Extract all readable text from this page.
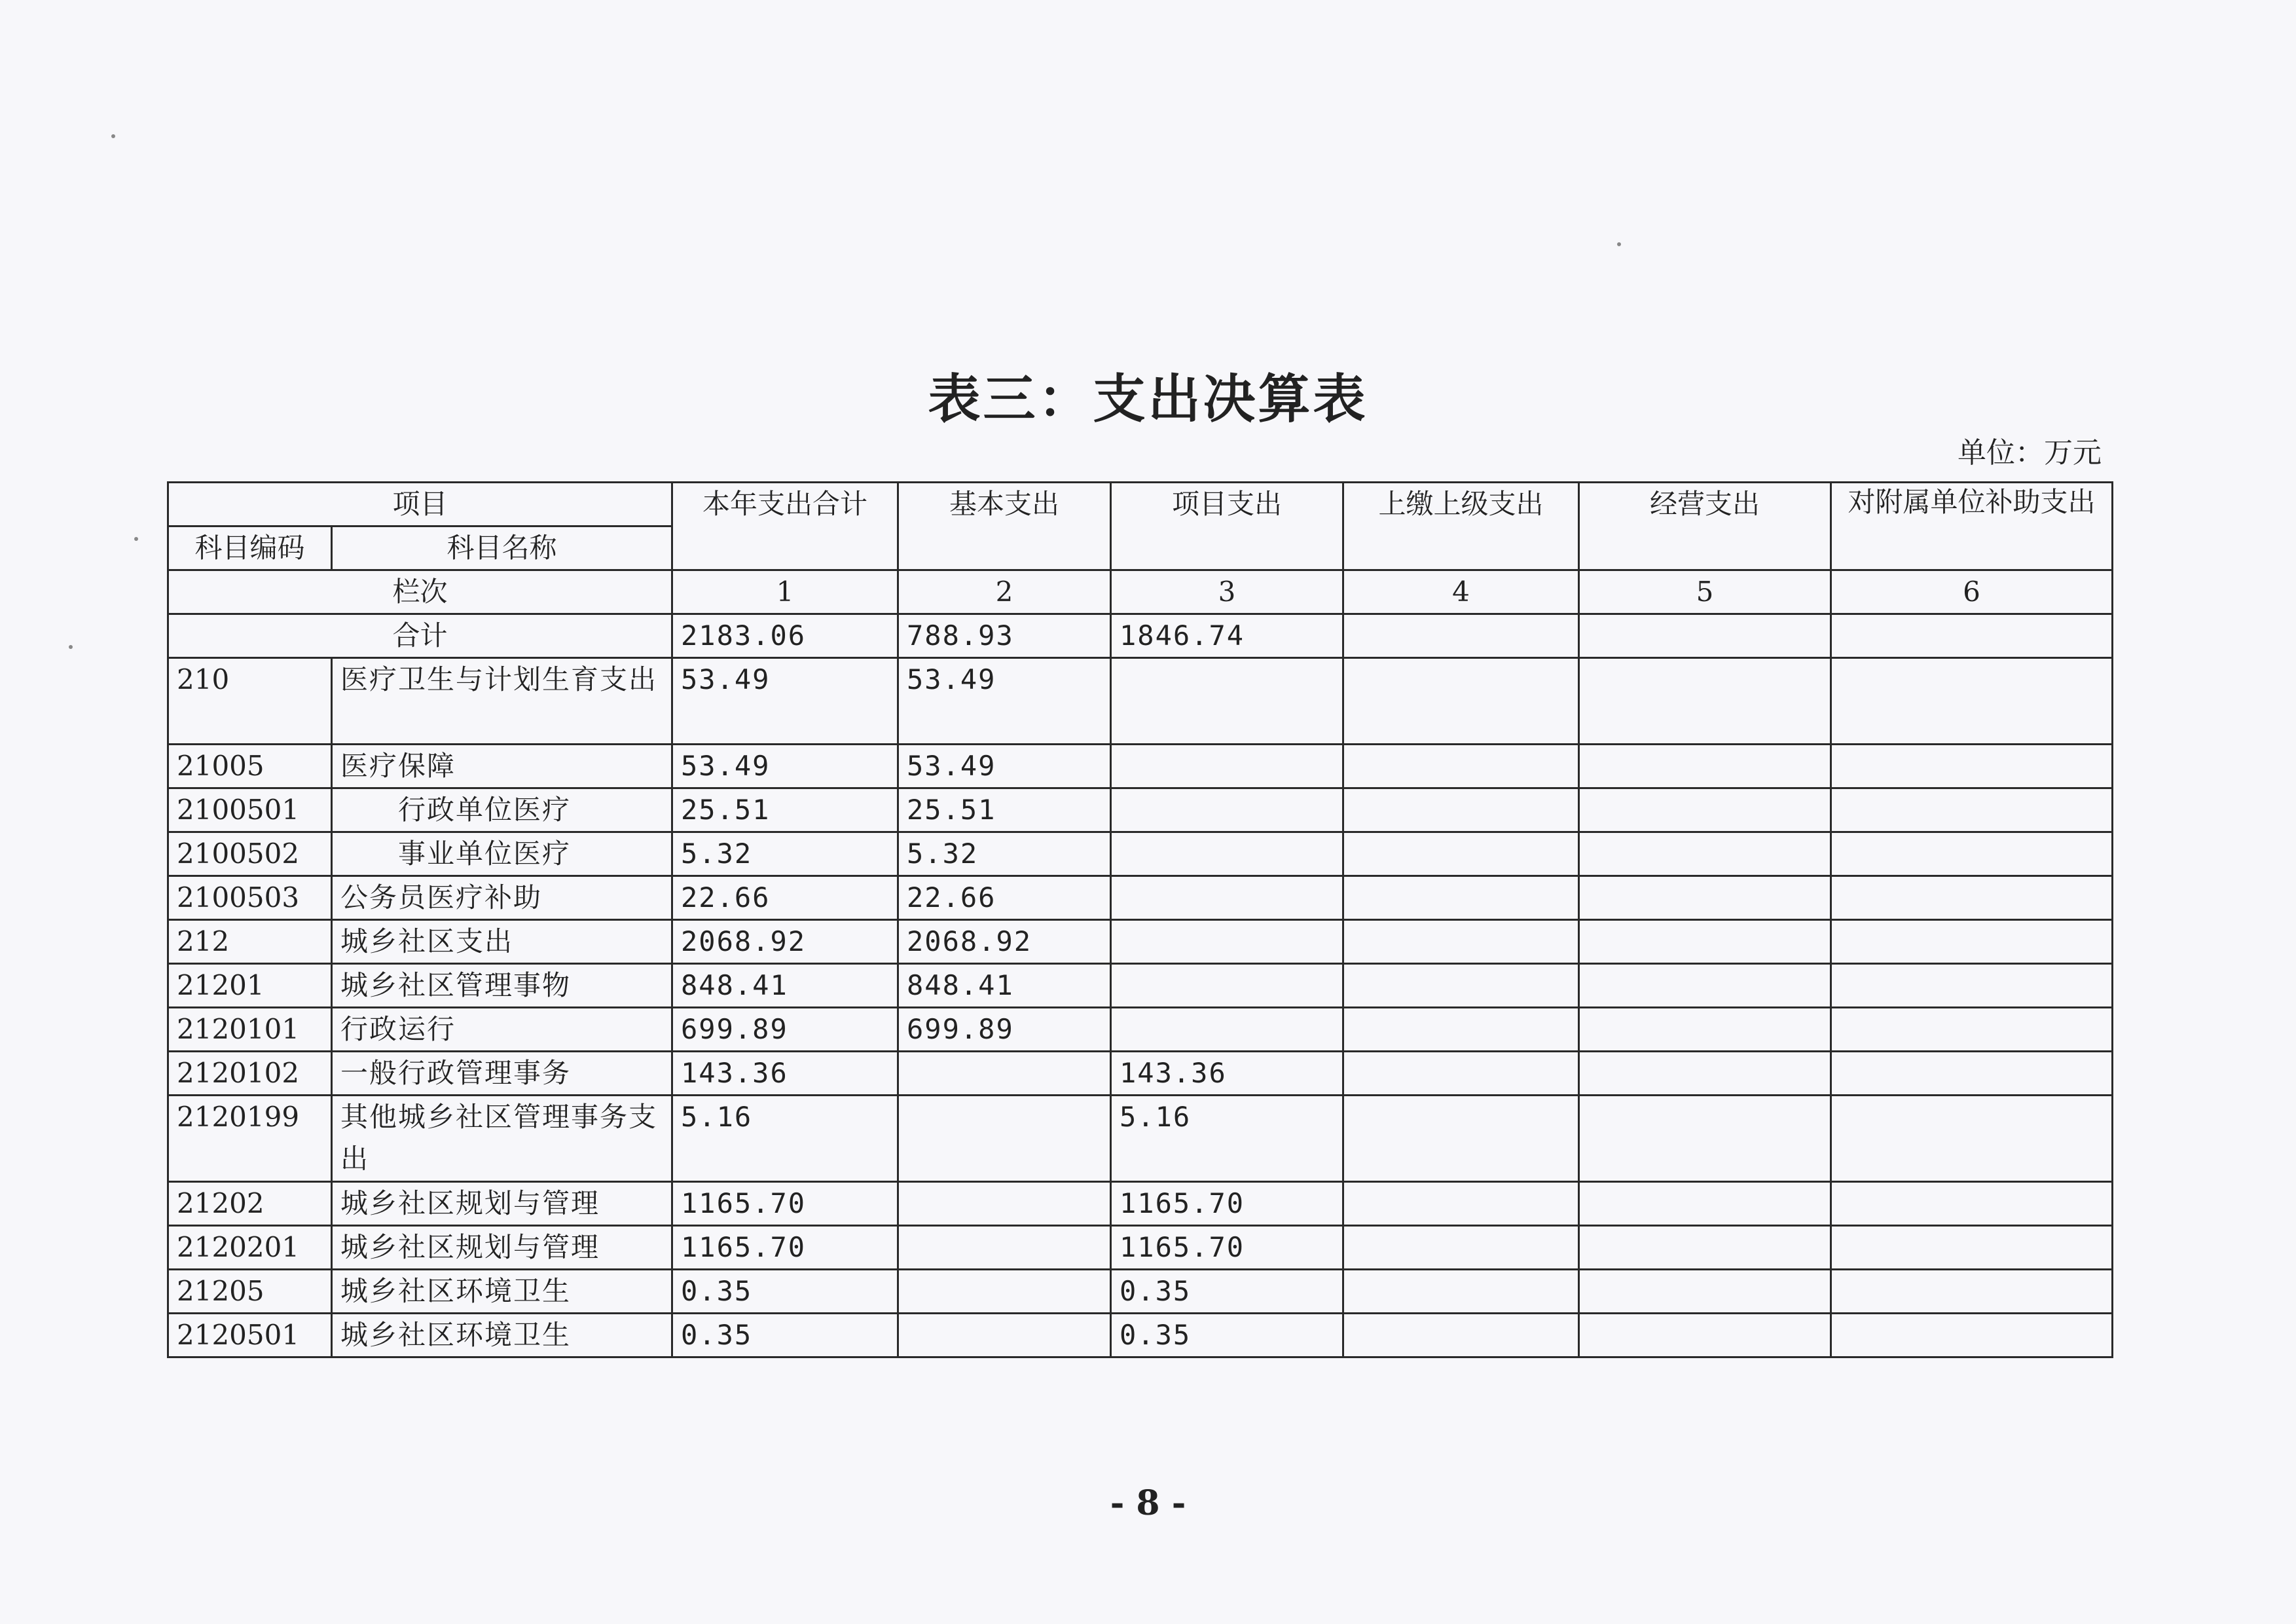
表三：支出决算表
单位：万元
项目		本年支出合计	基本支出	项目支出	上缴上级支出	经营支出	对附属单位补助支出
科目编码	科目名称						
栏次		1	2	3	4	5	6
合计		2183.06	788.93	1846.74			
210	医疗卫生与计划生育支出	53.49	53.49				
21005	医疗保障	53.49	53.49				
2100501	行政单位医疗	25.51	25.51				
2100502	事业单位医疗	5.32	5.32				
2100503	公务员医疗补助	22.66	22.66				
212	城乡社区支出	2068.92	2068.92				
21201	城乡社区管理事物	848.41	848.41				
2120101	行政运行	699.89	699.89				
2120102	一般行政管理事务	143.36		143.36			
2120199	其他城乡社区管理事务支出	5.16		5.16			
21202	城乡社区规划与管理	1165.70		1165.70			
2120201	城乡社区规划与管理	1165.70		1165.70			
21205	城乡社区环境卫生	0.35		0.35			
2120501	城乡社区环境卫生	0.35		0.35			
- 8 -
